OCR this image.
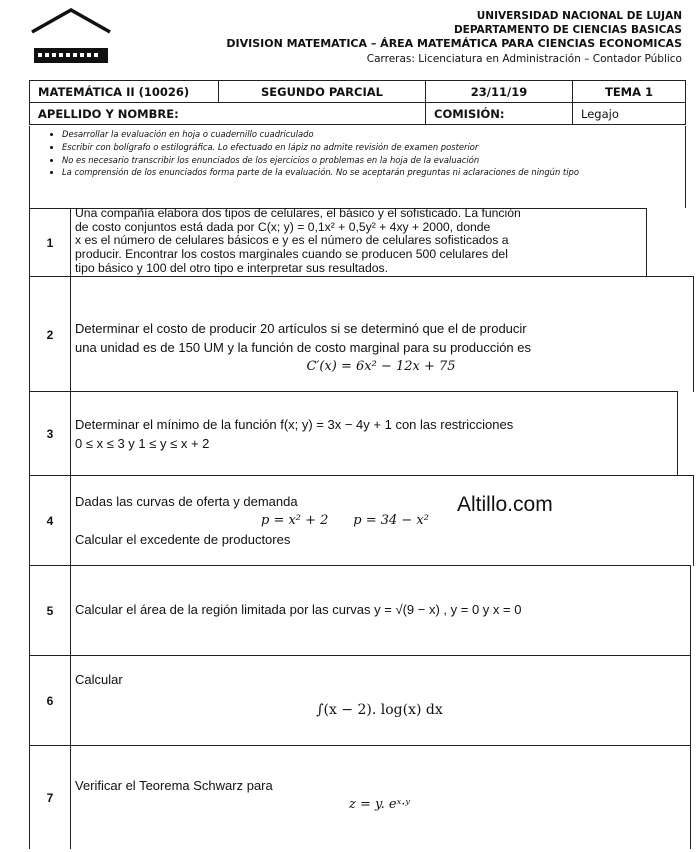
UNIVERSIDAD NACIONAL DE LUJAN
DEPARTAMENTO DE CIENCIAS BASICAS
DIVISION MATEMATICA – ÁREA MATEMÁTICA PARA CIENCIAS ECONOMICAS
Carreras: Licenciatura en Administración – Contador Público
MATEMÁTICA II (10026)	SEGUNDO PARCIAL	23/11/19	TEMA 1
APELLIDO Y NOMBRE:		COMISIÓN:	Legajo
• Desarrollar la evaluación en hoja o cuadernillo cuadriculado
• Escribir con bolígrafo o estilográfica. Lo efectuado en lápiz no admite revisión de examen posterior
• No es necesario transcribir los enunciados de los ejercicios o problemas en la hoja de la evaluación
• La comprensión de los enunciados forma parte de la evaluación. No se aceptarán preguntas ni aclaraciones de ningún tipo
1
Una compañía elabora dos tipos de celulares, el básico y el sofisticado. La función
de costo conjuntos está dada por C(x; y) = 0,1x² + 0,5y² + 4xy + 2000, donde
x es el número de celulares básicos e y es el número de celulares sofisticados a
producir. Encontrar los costos marginales cuando se producen 500 celulares del
tipo básico y 100 del otro tipo e interpretar sus resultados.
2	Determinar el costo de producir 20 artículos si se determinó que el de producir
una unidad es de 150 UM y la función de costo marginal para su producción es
C′(x) = 6x² − 12x + 75
3
Determinar el mínimo de la función f(x; y) = 3x − 4y + 1 con las restricciones
0 ≤ x ≤ 3 y 1 ≤ y ≤ x + 2
4
Dadas las curvas de oferta y demanda
p = x² + 2      p = 34 − x²
Calcular el excedente de productores
5	Calcular el área de la región limitada por las curvas y = √(9 − x) , y = 0 y x = 0
6
Calcular
∫(x − 2). log(x) dx
7
Verificar el Teorema Schwarz para
z = y. eˣ·ʸ
Altillo.com
